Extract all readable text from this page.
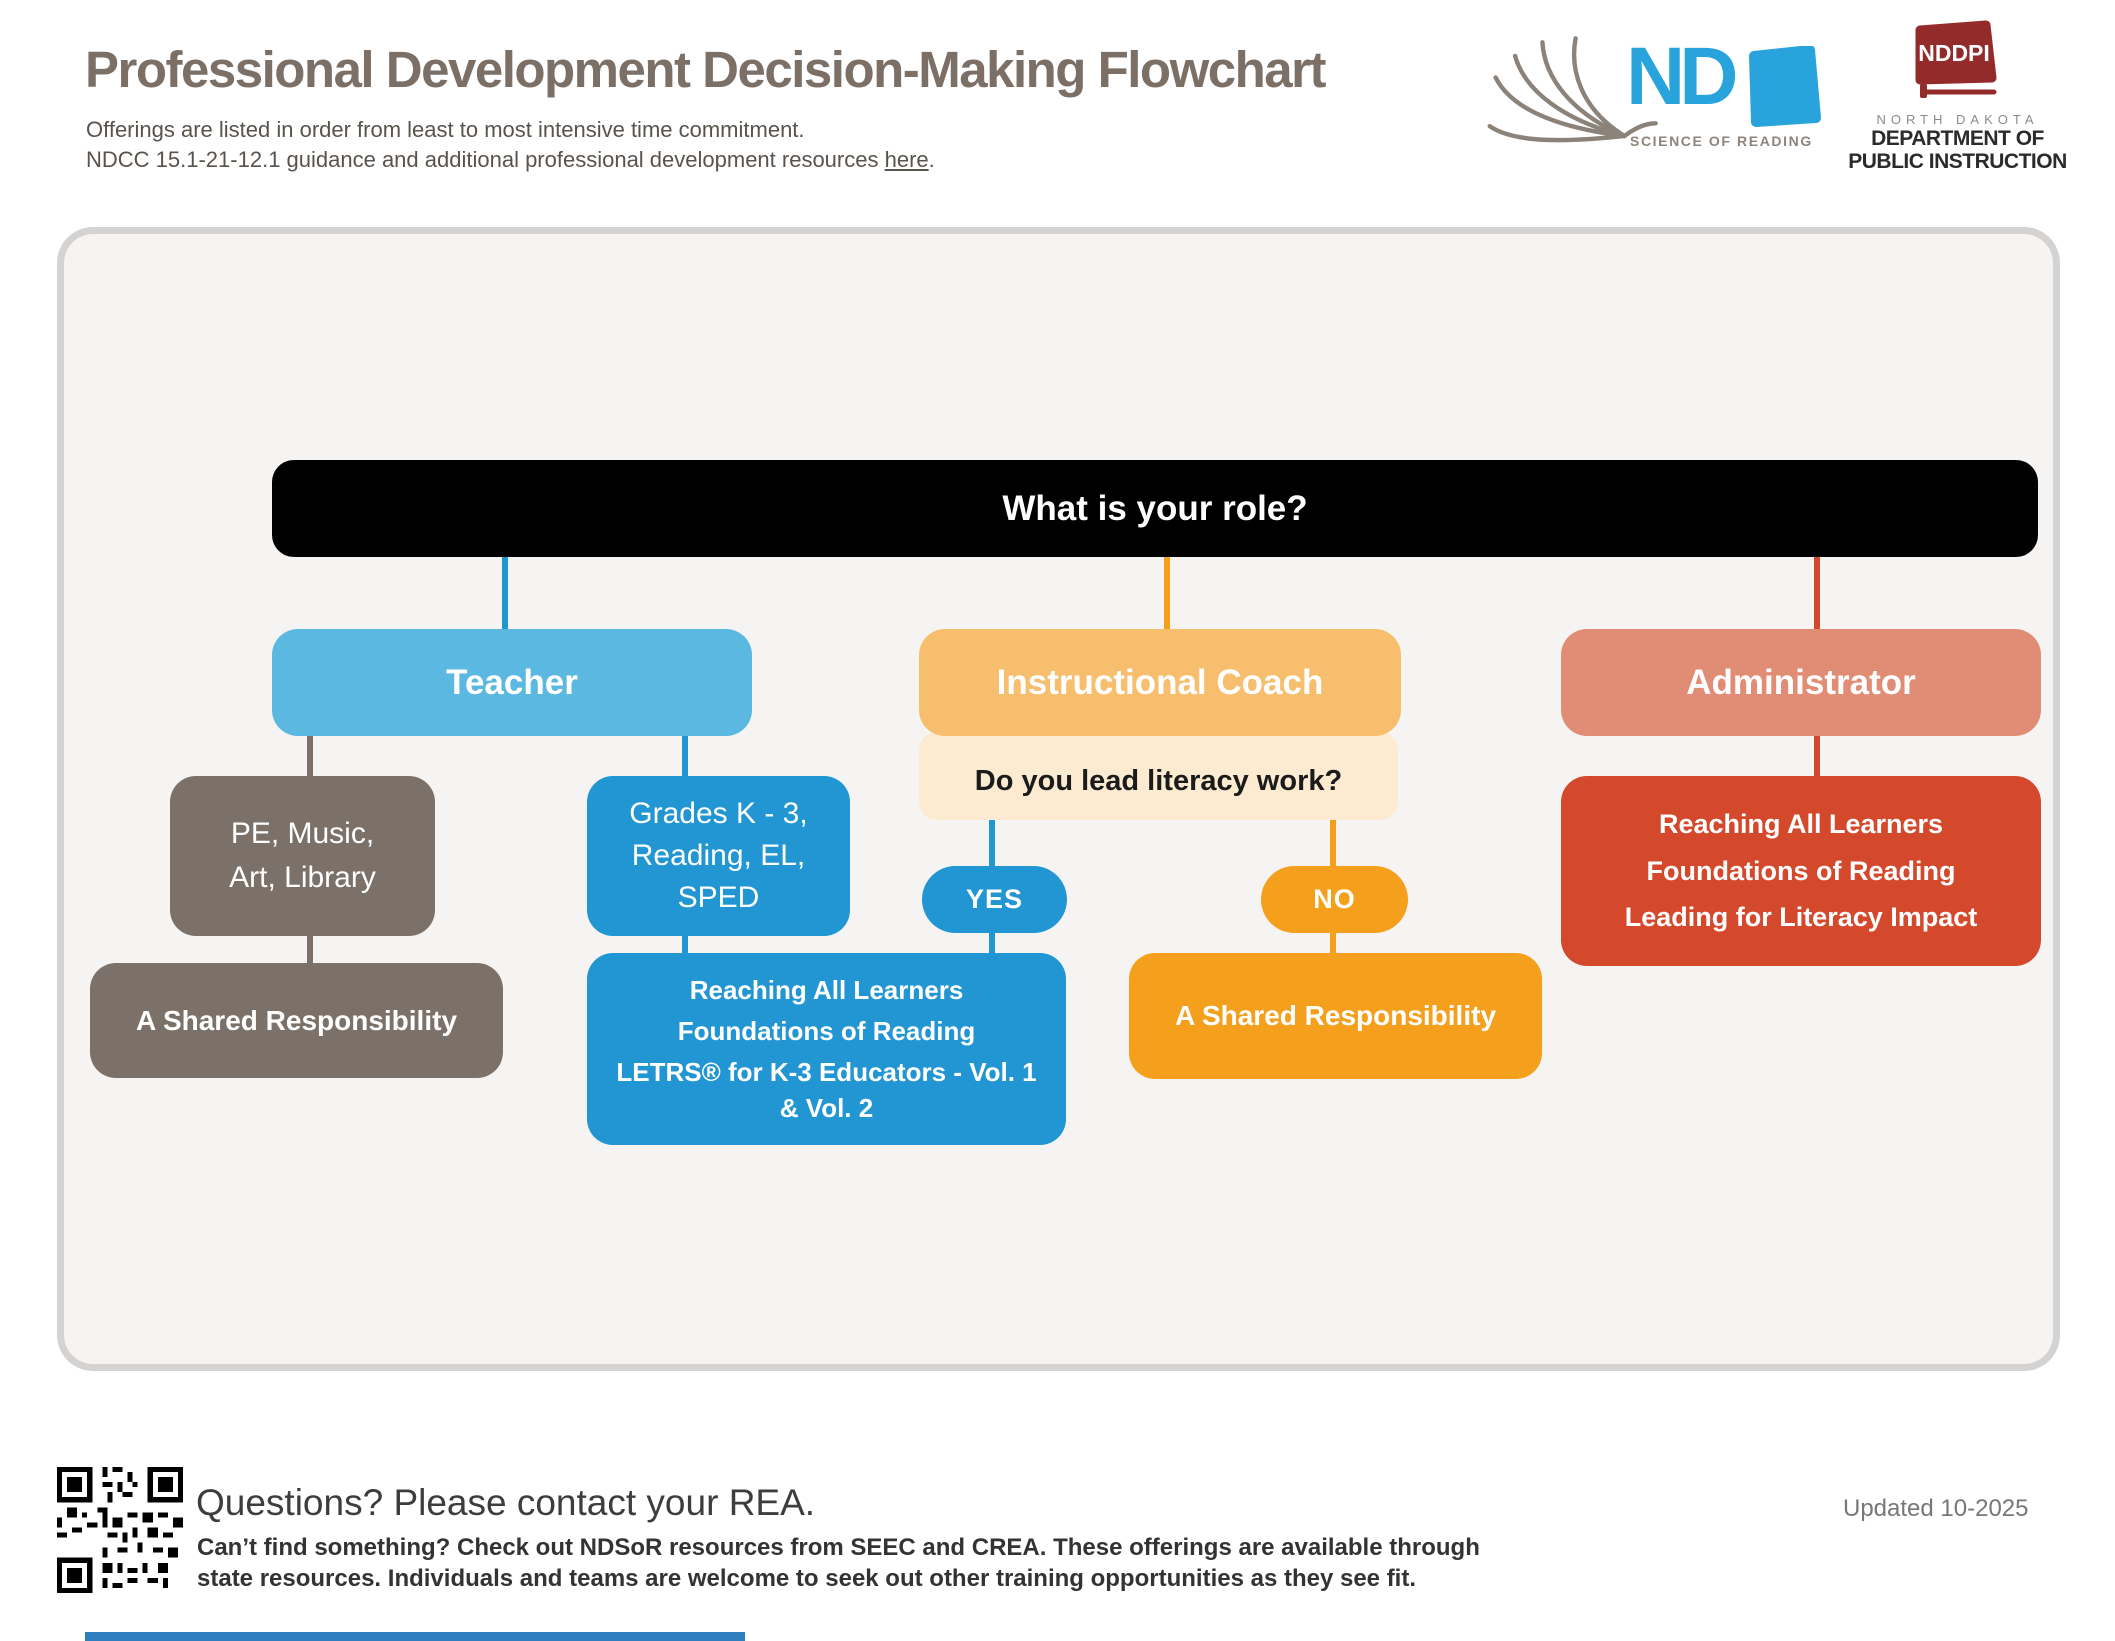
Professional Development Decision-Making Flowchart
Offerings are listed in order from least to most intensive time commitment.
NDCC 15.1-21-12.1 guidance and additional professional development resources here.
ND
SCIENCE OF READING
NDDPI
NORTH DAKOTA
DEPARTMENT OF
PUBLIC INSTRUCTION
What is your role?
Teacher	Instructional Coach	Administrator
Do you lead literacy work?
PE, Music,
Art, Library
Grades K - 3,
Reading, EL,
SPED	YES	NO
A Shared Responsibility
Reaching All Learners
Foundations of Reading
LETRS® for K-3 Educators - Vol. 1 & Vol. 2
A Shared Responsibility
Reaching All Learners
Foundations of Reading
Leading for Literacy Impact
Questions? Please contact your REA.
Can’t find something? Check out NDSoR resources from SEEC and CREA. These offerings are available through
state resources. Individuals and teams are welcome to seek out other training opportunities as they see fit.
Updated 10-2025
